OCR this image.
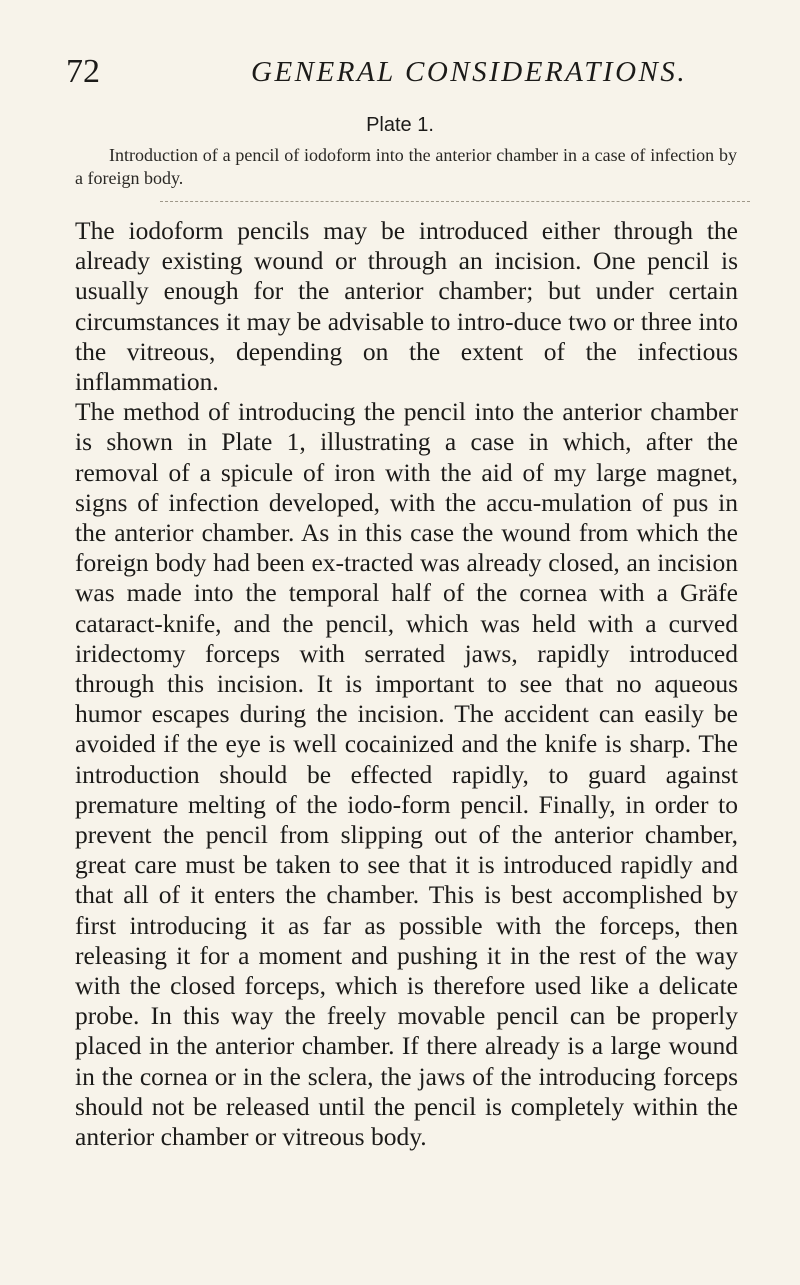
72	GENERAL CONSIDERATIONS.
Plate 1.
Introduction of a pencil of iodoform into the anterior chamber in a case of infection by a foreign body.

The iodoform pencils may be introduced either through the already existing wound or through an incision. One pencil is usually enough for the anterior chamber; but under certain circumstances it may be advisable to intro-duce two or three into the vitreous, depending on the extent of the infectious inflammation.

The method of introducing the pencil into the anterior chamber is shown in Plate 1, illustrating a case in which, after the removal of a spicule of iron with the aid of my large magnet, signs of infection developed, with the accu-mulation of pus in the anterior chamber. As in this case the wound from which the foreign body had been ex-tracted was already closed, an incision was made into the temporal half of the cornea with a Gräfe cataract-knife, and the pencil, which was held with a curved iridectomy forceps with serrated jaws, rapidly introduced through this incision. It is important to see that no aqueous humor escapes during the incision. The accident can easily be avoided if the eye is well cocainized and the knife is sharp. The introduction should be effected rapidly, to guard against premature melting of the iodo-form pencil. Finally, in order to prevent the pencil from slipping out of the anterior chamber, great care must be taken to see that it is introduced rapidly and that all of it enters the chamber. This is best accomplished by first introducing it as far as possible with the forceps, then releasing it for a moment and pushing it in the rest of the way with the closed forceps, which is therefore used like a delicate probe. In this way the freely movable pencil can be properly placed in the anterior chamber. If there already is a large wound in the cornea or in the sclera, the jaws of the introducing forceps should not be released until the pencil is completely within the anterior chamber or vitreous body.
